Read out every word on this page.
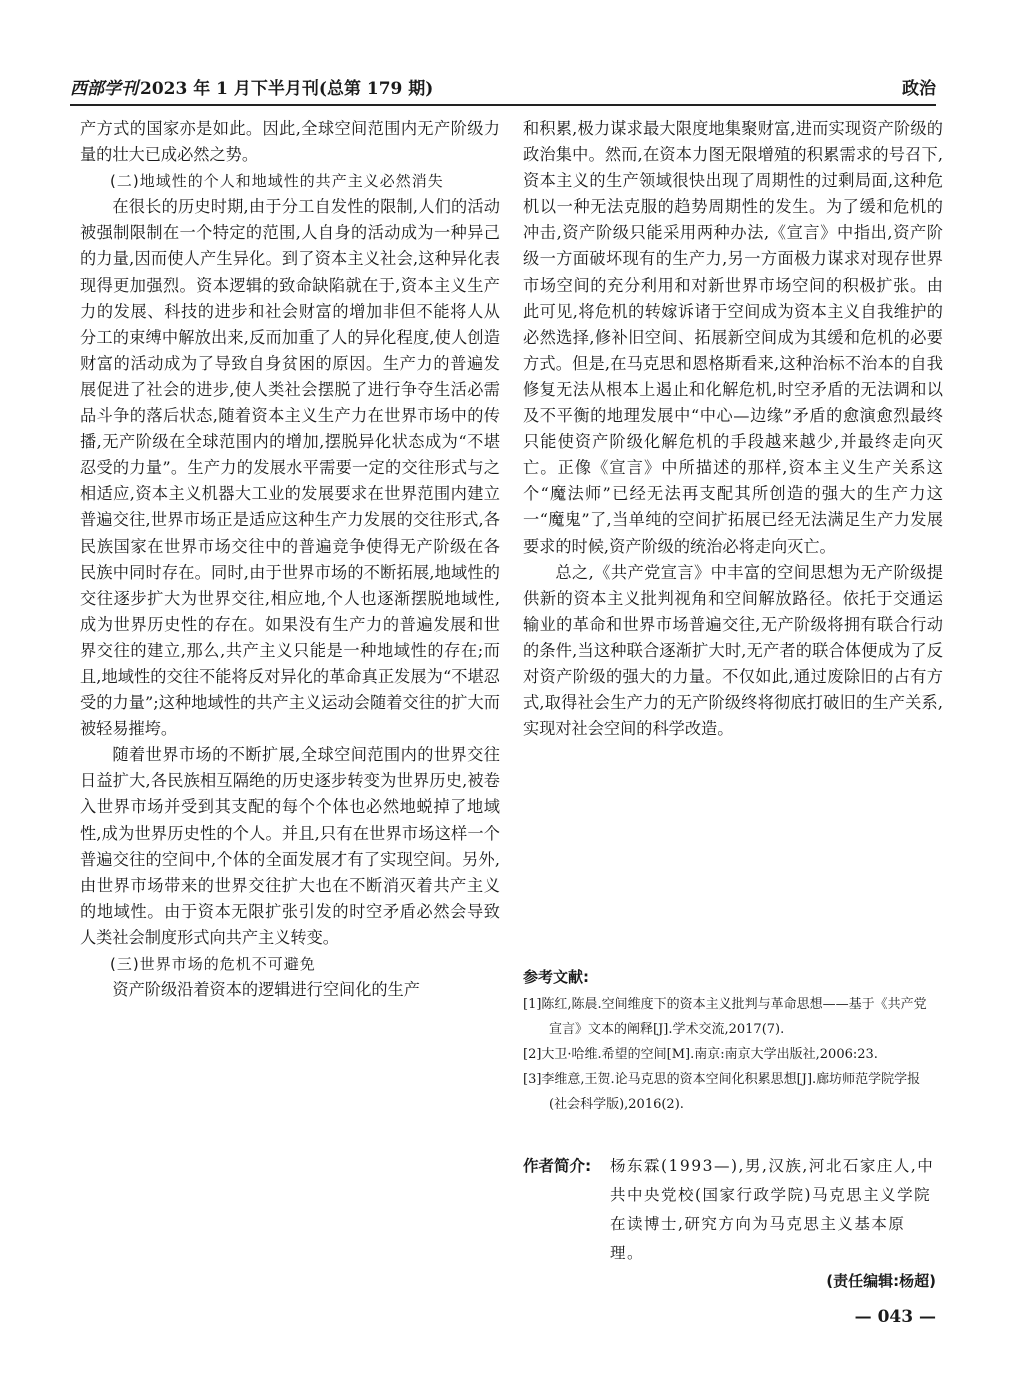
西部学刊 2023 年 1 月下半月刊(总第 179 期)	政治

产方式的国家亦是如此。因此,全球空间范围内无产阶级力量的壮大已成必然之势。

(二)地域性的个人和地域性的共产主义必然消失

在很长的历史时期,由于分工自发性的限制,人们的活动被强制限制在一个特定的范围,人自身的活动成为一种异己的力量,因而使人产生异化。到了资本主义社会,这种异化表现得更加强烈。资本逻辑的致命缺陷就在于,资本主义生产力的发展、科技的进步和社会财富的增加非但不能将人从分工的束缚中解放出来,反而加重了人的异化程度,使人创造财富的活动成为了导致自身贫困的原因。生产力的普遍发展促进了社会的进步,使人类社会摆脱了进行争夺生活必需品斗争的落后状态,随着资本主义生产力在世界市场中的传播,无产阶级在全球范围内的增加,摆脱异化状态成为“不堪忍受的力量”。生产力的发展水平需要一定的交往形式与之相适应,资本主义机器大工业的发展要求在世界范围内建立普遍交往,世界市场正是适应这种生产力发展的交往形式,各民族国家在世界市场交往中的普遍竞争使得无产阶级在各民族中同时存在。同时,由于世界市场的不断拓展,地域性的交往逐步扩大为世界交往,相应地,个人也逐渐摆脱地域性,成为世界历史性的存在。如果没有生产力的普遍发展和世界交往的建立,那么,共产主义只能是一种地域性的存在;而且,地域性的交往不能将反对异化的革命真正发展为“不堪忍受的力量”;这种地域性的共产主义运动会随着交往的扩大而被轻易摧垮。

随着世界市场的不断扩展,全球空间范围内的世界交往日益扩大,各民族相互隔绝的历史逐步转变为世界历史,被卷入世界市场并受到其支配的每个个体也必然地蜕掉了地域性,成为世界历史性的个人。并且,只有在世界市场这样一个普遍交往的空间中,个体的全面发展才有了实现空间。另外,由世界市场带来的世界交往扩大也在不断消灭着共产主义的地域性。由于资本无限扩张引发的时空矛盾必然会导致人类社会制度形式向共产主义转变。

(三)世界市场的危机不可避免

资产阶级沿着资本的逻辑进行空间化的生产

和积累,极力谋求最大限度地集聚财富,进而实现资产阶级的政治集中。然而,在资本力图无限增殖的积累需求的号召下,资本主义的生产领域很快出现了周期性的过剩局面,这种危机以一种无法克服的趋势周期性的发生。为了缓和危机的冲击,资产阶级只能采用两种办法,《宣言》中指出,资产阶级一方面破坏现有的生产力,另一方面极力谋求对现存世界市场空间的充分利用和对新世界市场空间的积极扩张。由此可见,将危机的转嫁诉诸于空间成为资本主义自我维护的必然选择,修补旧空间、拓展新空间成为其缓和危机的必要方式。但是,在马克思和恩格斯看来,这种治标不治本的自我修复无法从根本上遏止和化解危机,时空矛盾的无法调和以及不平衡的地理发展中“中心—边缘”矛盾的愈演愈烈最终只能使资产阶级化解危机的手段越来越少,并最终走向灭亡。正像《宣言》中所描述的那样,资本主义生产关系这个“魔法师”已经无法再支配其所创造的强大的生产力这一“魔鬼”了,当单纯的空间扩拓展已经无法满足生产力发展要求的时候,资产阶级的统治必将走向灭亡。

总之,《共产党宣言》中丰富的空间思想为无产阶级提供新的资本主义批判视角和空间解放路径。依托于交通运输业的革命和世界市场普遍交往,无产阶级将拥有联合行动的条件,当这种联合逐渐扩大时,无产者的联合体便成为了反对资产阶级的强大的力量。不仅如此,通过废除旧的占有方式,取得社会生产力的无产阶级终将彻底打破旧的生产关系,实现对社会空间的科学改造。

参考文献:

[1]陈红,陈晨.空间维度下的资本主义批判与革命思想——基于《共产党宣言》文本的阐释[J].学术交流,2017(7).

[2]大卫·哈维.希望的空间[M].南京:南京大学出版社,2006:23.

[3]李维意,王贺.论马克思的资本空间化积累思想[J].廊坊师范学院学报(社会科学版),2016(2).

作者简介: 杨东霖(1993—),男,汉族,河北石家庄人,中共中央党校(国家行政学院)马克思主义学院在读博士,研究方向为马克思主义基本原理。
(责任编辑:杨超)
— 043 —
